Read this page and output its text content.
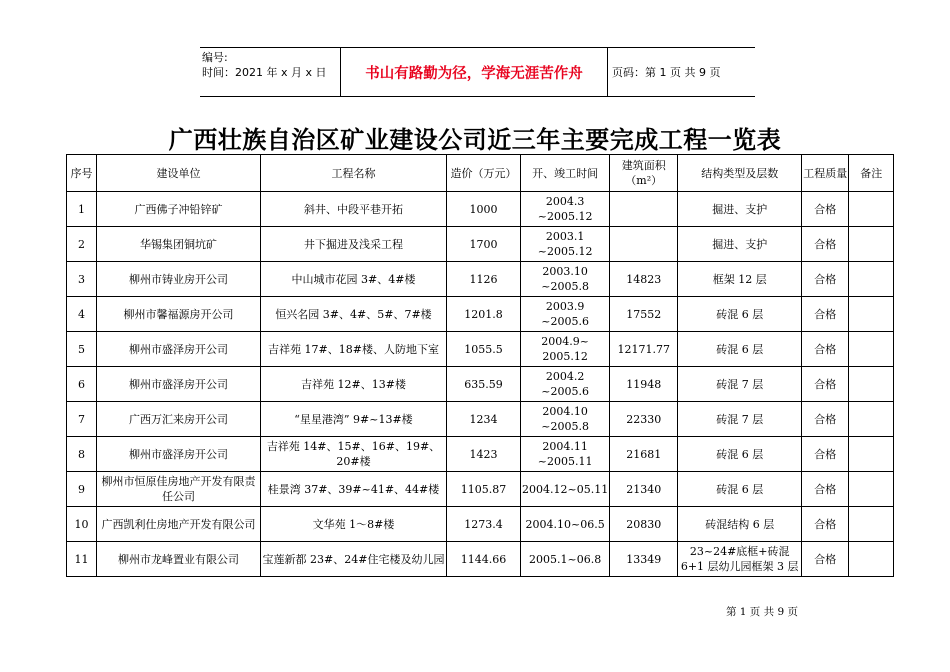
编号:
时间：2021 年 x 月 x 日	书山有路勤为径，学海无涯苦作舟	页码：第 1 页 共 9 页
广西壮族自治区矿业建设公司近三年主要完成工程一览表
序号	建设单位	工程名称	造价（万元）	开、竣工时间	建筑面积（m²）	结构类型及层数	工程质量	备注
1	广西佛子冲铅锌矿	斜井、中段平巷开拓	1000	2004.3 ~2005.12		掘进、支护	合格	
2	华锡集团铜坑矿	井下掘进及浅采工程	1700	2003.1 ~2005.12		掘进、支护	合格	
3	柳州市铸业房开公司	中山城市花园 3#、4#楼	1126	2003.10 ~2005.8	14823	框架 12 层	合格	
4	柳州市馨福源房开公司	恒兴名园 3#、4#、5#、7#楼	1201.8	2003.9 ~2005.6	17552	砖混 6 层	合格	
5	柳州市盛泽房开公司	吉祥苑 17#、18#楼、人防地下室	1055.5	2004.9~ 2005.12	12171.77	砖混 6 层	合格	
6	柳州市盛泽房开公司	吉祥苑 12#、13#楼	635.59	2004.2 ~2005.6	11948	砖混 7 层	合格	
7	广西万汇来房开公司	“星星港湾” 9#~13#楼	1234	2004.10 ~2005.8	22330	砖混 7 层	合格	
8	柳州市盛泽房开公司	吉祥苑 14#、15#、16#、19#、20#楼	1423	2004.11 ~2005.11	21681	砖混 6 层	合格	
9	柳州市恒原佳房地产开发有限责任公司	桂景湾 37#、39#~41#、44#楼	1105.87	2004.12~05.11	21340	砖混 6 层	合格	
10	广西凯利仕房地产开发有限公司	文华苑 1～8#楼	1273.4	2004.10~06.5	20830	砖混结构 6 层	合格	
11	柳州市龙峰置业有限公司	宝莲新都 23#、24#住宅楼及幼儿园	1144.66	2005.1~06.8	13349	23~24#底框+砖混 6+1 层幼儿园框架 3 层	合格	
第 1 页 共 9 页
